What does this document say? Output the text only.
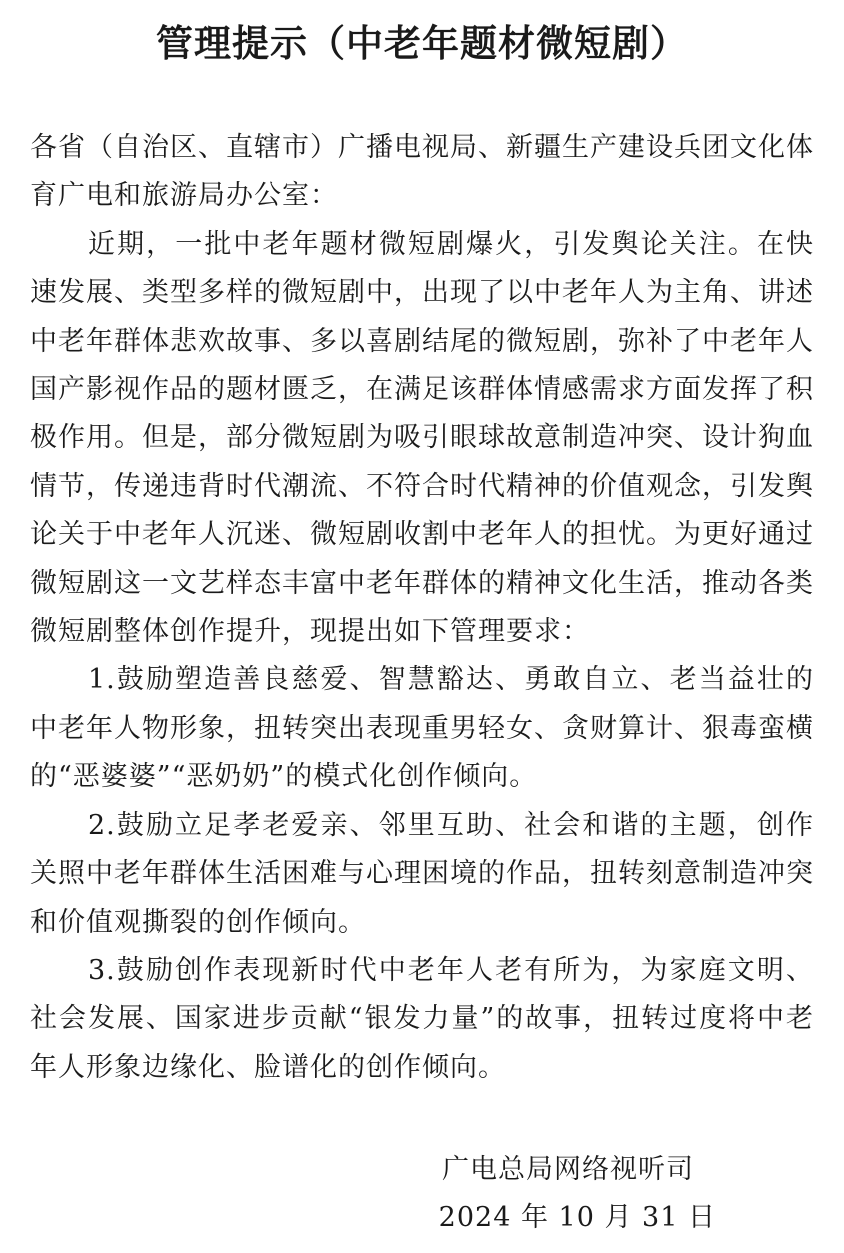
管理提示（中老年题材微短剧）

各省（自治区、直辖市）广播电视局、新疆生产建设兵团文化体育广电和旅游局办公室：

近期，一批中老年题材微短剧爆火，引发舆论关注。在快速发展、类型多样的微短剧中，出现了以中老年人为主角、讲述中老年群体悲欢故事、多以喜剧结尾的微短剧，弥补了中老年人国产影视作品的题材匮乏，在满足该群体情感需求方面发挥了积极作用。但是，部分微短剧为吸引眼球故意制造冲突、设计狗血情节，传递违背时代潮流、不符合时代精神的价值观念，引发舆论关于中老年人沉迷、微短剧收割中老年人的担忧。为更好通过微短剧这一文艺样态丰富中老年群体的精神文化生活，推动各类微短剧整体创作提升，现提出如下管理要求：

1.鼓励塑造善良慈爱、智慧豁达、勇敢自立、老当益壮的中老年人物形象，扭转突出表现重男轻女、贪财算计、狠毒蛮横的“恶婆婆”“恶奶奶”的模式化创作倾向。

2.鼓励立足孝老爱亲、邻里互助、社会和谐的主题，创作关照中老年群体生活困难与心理困境的作品，扭转刻意制造冲突和价值观撕裂的创作倾向。

3.鼓励创作表现新时代中老年人老有所为，为家庭文明、社会发展、国家进步贡献“银发力量”的故事，扭转过度将中老年人形象边缘化、脸谱化的创作倾向。

广电总局网络视听司

2024 年 10 月 31 日
